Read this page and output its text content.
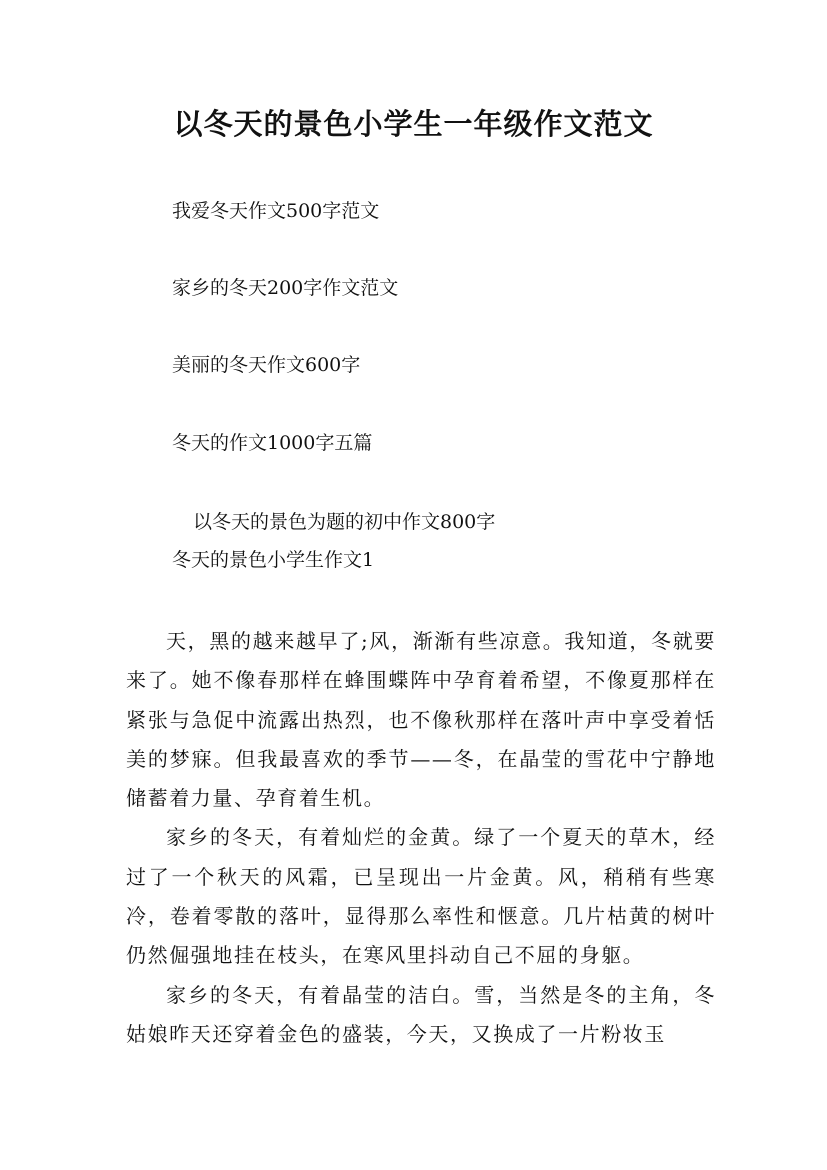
以冬天的景色小学生一年级作文范文

我爱冬天作文500字范文

家乡的冬天200字作文范文

美丽的冬天作文600字

冬天的作文1000字五篇

以冬天的景色为题的初中作文800字

冬天的景色小学生作文1

天，黑的越来越早了;风，渐渐有些凉意。我知道，冬就要来了。她不像春那样在蜂围蝶阵中孕育着希望，不像夏那样在紧张与急促中流露出热烈，也不像秋那样在落叶声中享受着恬美的梦寐。但我最喜欢的季节——冬，在晶莹的雪花中宁静地储蓄着力量、孕育着生机。

家乡的冬天，有着灿烂的金黄。绿了一个夏天的草木，经过了一个秋天的风霜，已呈现出一片金黄。风，稍稍有些寒冷，卷着零散的落叶，显得那么率性和惬意。几片枯黄的树叶仍然倔强地挂在枝头，在寒风里抖动自己不屈的身躯。

家乡的冬天，有着晶莹的洁白。雪，当然是冬的主角，冬姑娘昨天还穿着金色的盛装，今天，又换成了一片粉妆玉
